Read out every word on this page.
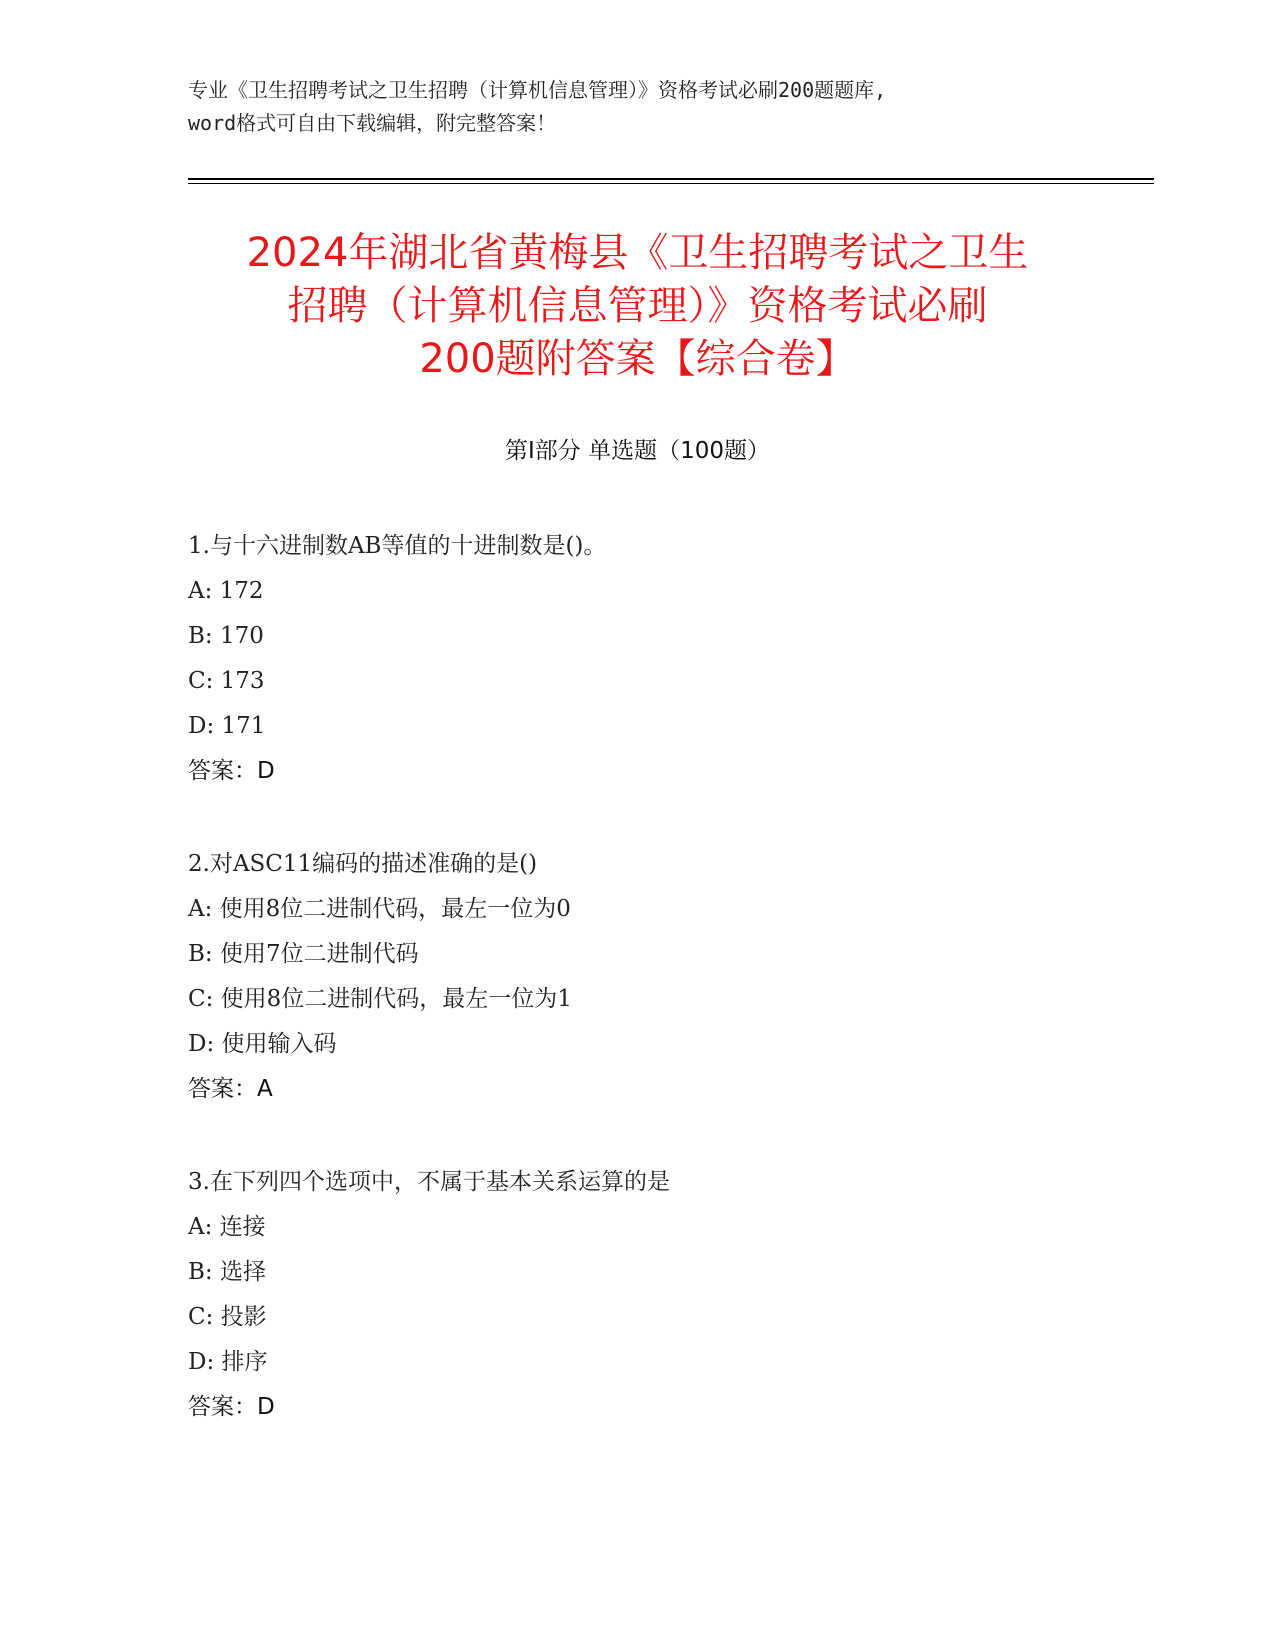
专业《卫生招聘考试之卫生招聘（计算机信息管理）》资格考试必刷200题题库,
word格式可自由下载编辑，附完整答案！
2024年湖北省黄梅县《卫生招聘考试之卫生
招聘（计算机信息管理）》资格考试必刷
200题附答案【综合卷】
第Ⅰ部分 单选题（100题）
1.与十六进制数AB等值的十进制数是()。
A: 172
B: 170
C: 173
D: 171
答案：D
2.对ASC11编码的描述准确的是()
A: 使用8位二进制代码，最左一位为0
B: 使用7位二进制代码
C: 使用8位二进制代码，最左一位为1
D: 使用输入码
答案：A
3.在下列四个选项中，不属于基本关系运算的是
A: 连接
B: 选择
C: 投影
D: 排序
答案：D
